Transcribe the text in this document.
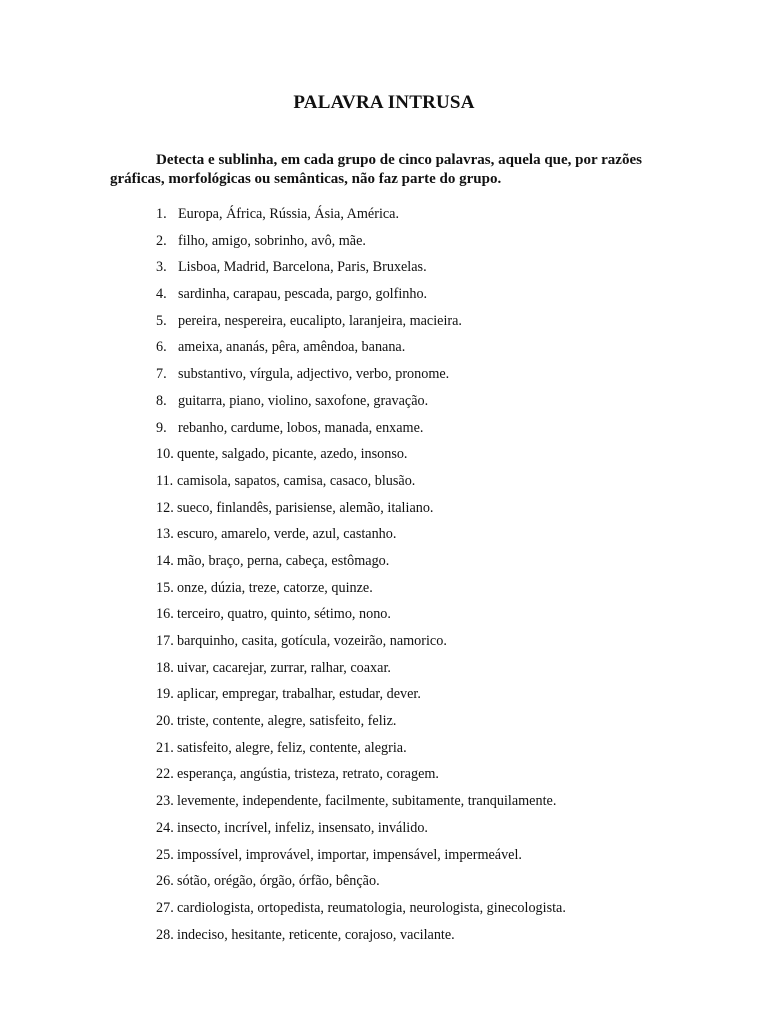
PALAVRA INTRUSA
Detecta e sublinha, em cada grupo de cinco palavras, aquela que, por razões gráficas, morfológicas ou semânticas, não faz parte do grupo.
1. Europa, África, Rússia, Ásia, América.
2. filho, amigo, sobrinho, avô, mãe.
3. Lisboa, Madrid, Barcelona, Paris, Bruxelas.
4. sardinha, carapau, pescada, pargo, golfinho.
5. pereira, nespereira, eucalipto, laranjeira, macieira.
6. ameixa, ananás, pêra, amêndoa, banana.
7. substantivo, vírgula, adjectivo, verbo, pronome.
8. guitarra, piano, violino, saxofone, gravação.
9. rebanho, cardume, lobos, manada, enxame.
10. quente, salgado, picante, azedo, insonso.
11. camisola, sapatos, camisa, casaco, blusão.
12. sueco, finlandês, parisiense, alemão, italiano.
13. escuro, amarelo, verde, azul, castanho.
14. mão, braço, perna, cabeça, estômago.
15. onze, dúzia, treze, catorze, quinze.
16. terceiro, quatro, quinto, sétimo, nono.
17. barquinho, casita, gotícula, vozeirão, namorico.
18. uivar, cacarejar, zurrar, ralhar, coaxar.
19. aplicar, empregar, trabalhar, estudar, dever.
20. triste, contente, alegre, satisfeito, feliz.
21. satisfeito, alegre, feliz, contente, alegria.
22. esperança, angústia, tristeza, retrato, coragem.
23. levemente, independente, facilmente, subitamente, tranquilamente.
24. insecto, incrível, infeliz, insensato, inválido.
25. impossível, improvável, importar, impensável, impermeável.
26. sótão, orégão, órgão, órfão, bênção.
27. cardiologista, ortopedista, reumatologia, neurologista, ginecologista.
28. indeciso, hesitante, reticente, corajoso, vacilante.
